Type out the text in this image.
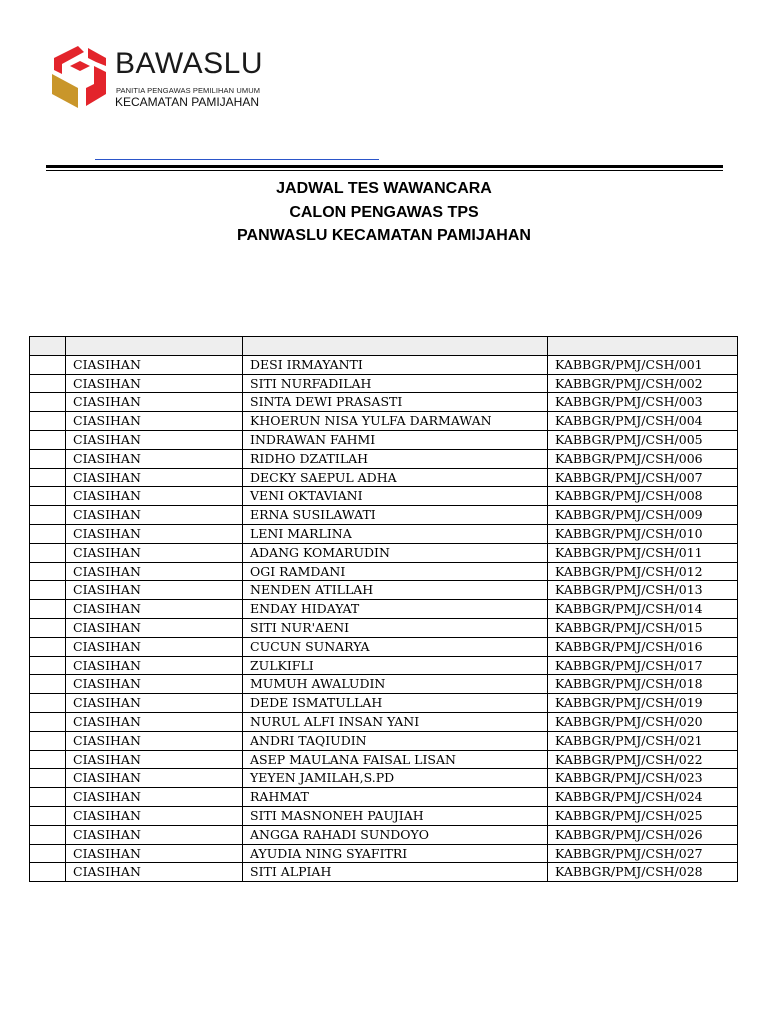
BAWASLU
PANITIA PENGAWAS PEMILIHAN UMUM
KECAMATAN PAMIJAHAN
JADWAL TES WAWANCARA
CALON PENGAWAS TPS
PANWASLU KECAMATAN PAMIJAHAN

	CIASIHAN	DESI IRMAYANTI	KABBGR/PMJ/CSH/001
	CIASIHAN	SITI NURFADILAH	KABBGR/PMJ/CSH/002
	CIASIHAN	SINTA DEWI PRASASTI	KABBGR/PMJ/CSH/003
	CIASIHAN	KHOERUN NISA YULFA DARMAWAN	KABBGR/PMJ/CSH/004
	CIASIHAN	INDRAWAN FAHMI	KABBGR/PMJ/CSH/005
	CIASIHAN	RIDHO DZATILAH	KABBGR/PMJ/CSH/006
	CIASIHAN	DECKY SAEPUL ADHA	KABBGR/PMJ/CSH/007
	CIASIHAN	VENI OKTAVIANI	KABBGR/PMJ/CSH/008
	CIASIHAN	ERNA SUSILAWATI	KABBGR/PMJ/CSH/009
	CIASIHAN	LENI MARLINA	KABBGR/PMJ/CSH/010
	CIASIHAN	ADANG KOMARUDIN	KABBGR/PMJ/CSH/011
	CIASIHAN	OGI RAMDANI	KABBGR/PMJ/CSH/012
	CIASIHAN	NENDEN ATILLAH	KABBGR/PMJ/CSH/013
	CIASIHAN	ENDAY HIDAYAT	KABBGR/PMJ/CSH/014
	CIASIHAN	SITI NUR'AENI	KABBGR/PMJ/CSH/015
	CIASIHAN	CUCUN SUNARYA	KABBGR/PMJ/CSH/016
	CIASIHAN	ZULKIFLI	KABBGR/PMJ/CSH/017
	CIASIHAN	MUMUH AWALUDIN	KABBGR/PMJ/CSH/018
	CIASIHAN	DEDE ISMATULLAH	KABBGR/PMJ/CSH/019
	CIASIHAN	NURUL ALFI INSAN YANI	KABBGR/PMJ/CSH/020
	CIASIHAN	ANDRI TAQIUDIN	KABBGR/PMJ/CSH/021
	CIASIHAN	ASEP MAULANA FAISAL LISAN	KABBGR/PMJ/CSH/022
	CIASIHAN	YEYEN JAMILAH,S.PD	KABBGR/PMJ/CSH/023
	CIASIHAN	RAHMAT	KABBGR/PMJ/CSH/024
	CIASIHAN	SITI MASNONEH PAUJIAH	KABBGR/PMJ/CSH/025
	CIASIHAN	ANGGA RAHADI SUNDOYO	KABBGR/PMJ/CSH/026
	CIASIHAN	AYUDIA NING SYAFITRI	KABBGR/PMJ/CSH/027
	CIASIHAN	SITI ALPIAH	KABBGR/PMJ/CSH/028
